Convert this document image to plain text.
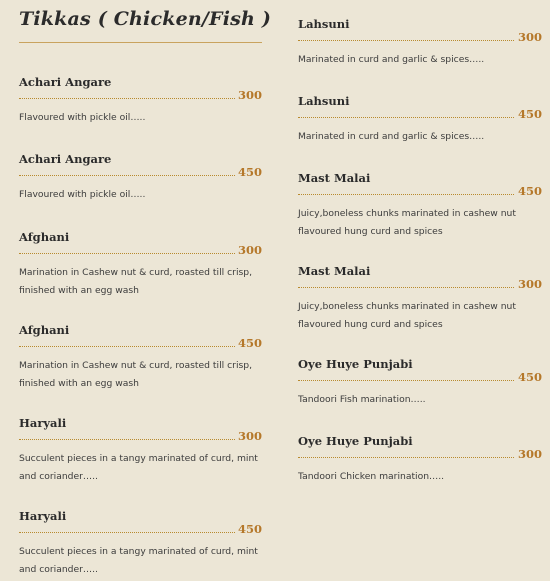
Tikkas ( Chicken/Fish )
Achari Angare
300
Flavoured with pickle oil…..
Achari Angare
450
Flavoured with pickle oil…..
Afghani
300
Marination in Cashew nut & curd, roasted till crisp, finished with an egg wash
Afghani
450
Marination in Cashew nut & curd, roasted till crisp, finished with an egg wash
Haryali
300
Succulent pieces in a tangy marinated of curd, mint and coriander…..
Haryali
450
Succulent pieces in a tangy marinated of curd, mint and coriander…..
Lahsuni
300
Marinated in curd and garlic & spices…..
Lahsuni
450
Marinated in curd and garlic & spices…..
Mast Malai
450
Juicy,boneless chunks marinated in cashew nut flavoured hung curd and spices
Mast Malai
300
Juicy,boneless chunks marinated in cashew nut flavoured hung curd and spices
Oye Huye Punjabi
450
Tandoori Fish marination…..
Oye Huye Punjabi
300
Tandoori Chicken marination…..
